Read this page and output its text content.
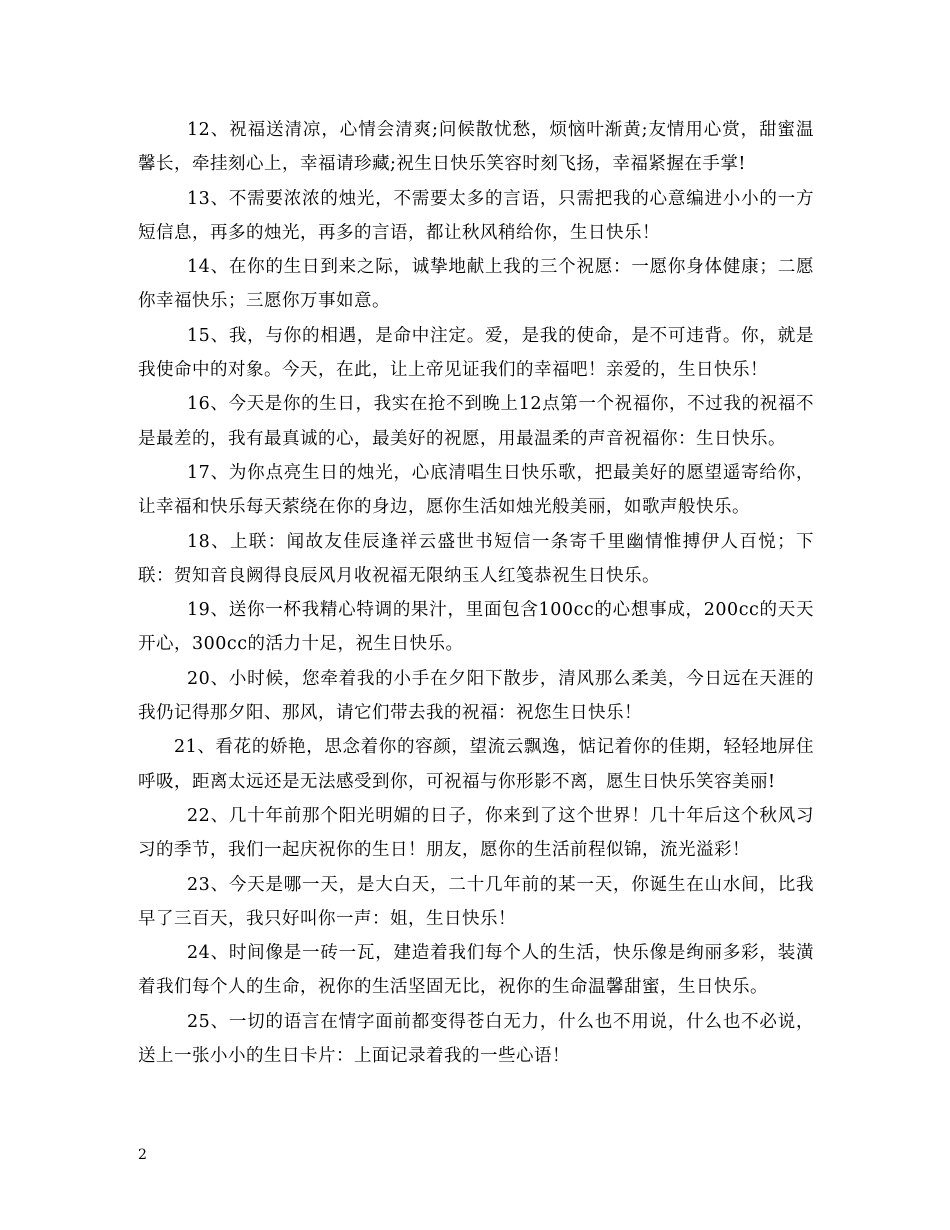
12、祝福送清凉，心情会清爽;问候散忧愁，烦恼叶渐黄;友情用心赏，甜蜜温馨长，牵挂刻心上，幸福请珍藏;祝生日快乐笑容时刻飞扬，幸福紧握在手掌!

13、不需要浓浓的烛光，不需要太多的言语，只需把我的心意编进小小的一方短信息，再多的烛光，再多的言语，都让秋风稍给你，生日快乐！

14、在你的生日到来之际，诚挚地献上我的三个祝愿：一愿你身体健康；二愿你幸福快乐；三愿你万事如意。

15、我，与你的相遇，是命中注定。爱，是我的使命，是不可违背。你，就是我使命中的对象。今天，在此，让上帝见证我们的幸福吧！亲爱的，生日快乐！

16、今天是你的生日，我实在抢不到晚上12点第一个祝福你，不过我的祝福不是最差的，我有最真诚的心，最美好的祝愿，用最温柔的声音祝福你：生日快乐。

17、为你点亮生日的烛光，心底清唱生日快乐歌，把最美好的愿望遥寄给你，让幸福和快乐每天萦绕在你的身边，愿你生活如烛光般美丽，如歌声般快乐。

18、上联：闻故友佳辰逢祥云盛世书短信一条寄千里幽情惟搏伊人百悦；下联：贺知音良阙得良辰风月收祝福无限纳玉人红笺恭祝生日快乐。

19、送你一杯我精心特调的果汁，里面包含100cc的心想事成，200cc的天天开心，300cc的活力十足，祝生日快乐。

20、小时候，您牵着我的小手在夕阳下散步，清风那么柔美，今日远在天涯的我仍记得那夕阳、那风，请它们带去我的祝福：祝您生日快乐！

21、看花的娇艳，思念着你的容颜，望流云飘逸，惦记着你的佳期，轻轻地屏住呼吸，距离太远还是无法感受到你，可祝福与你形影不离，愿生日快乐笑容美丽!

22、几十年前那个阳光明媚的日子，你来到了这个世界！几十年后这个秋风习习的季节，我们一起庆祝你的生日！朋友，愿你的生活前程似锦，流光溢彩！

23、今天是哪一天，是大白天，二十几年前的某一天，你诞生在山水间，比我早了三百天，我只好叫你一声：姐，生日快乐！

24、时间像是一砖一瓦，建造着我们每个人的生活，快乐像是绚丽多彩，装潢着我们每个人的生命，祝你的生活坚固无比，祝你的生命温馨甜蜜，生日快乐。

25、一切的语言在情字面前都变得苍白无力，什么也不用说，什么也不必说，送上一张小小的生日卡片：上面记录着我的一些心语！

2
